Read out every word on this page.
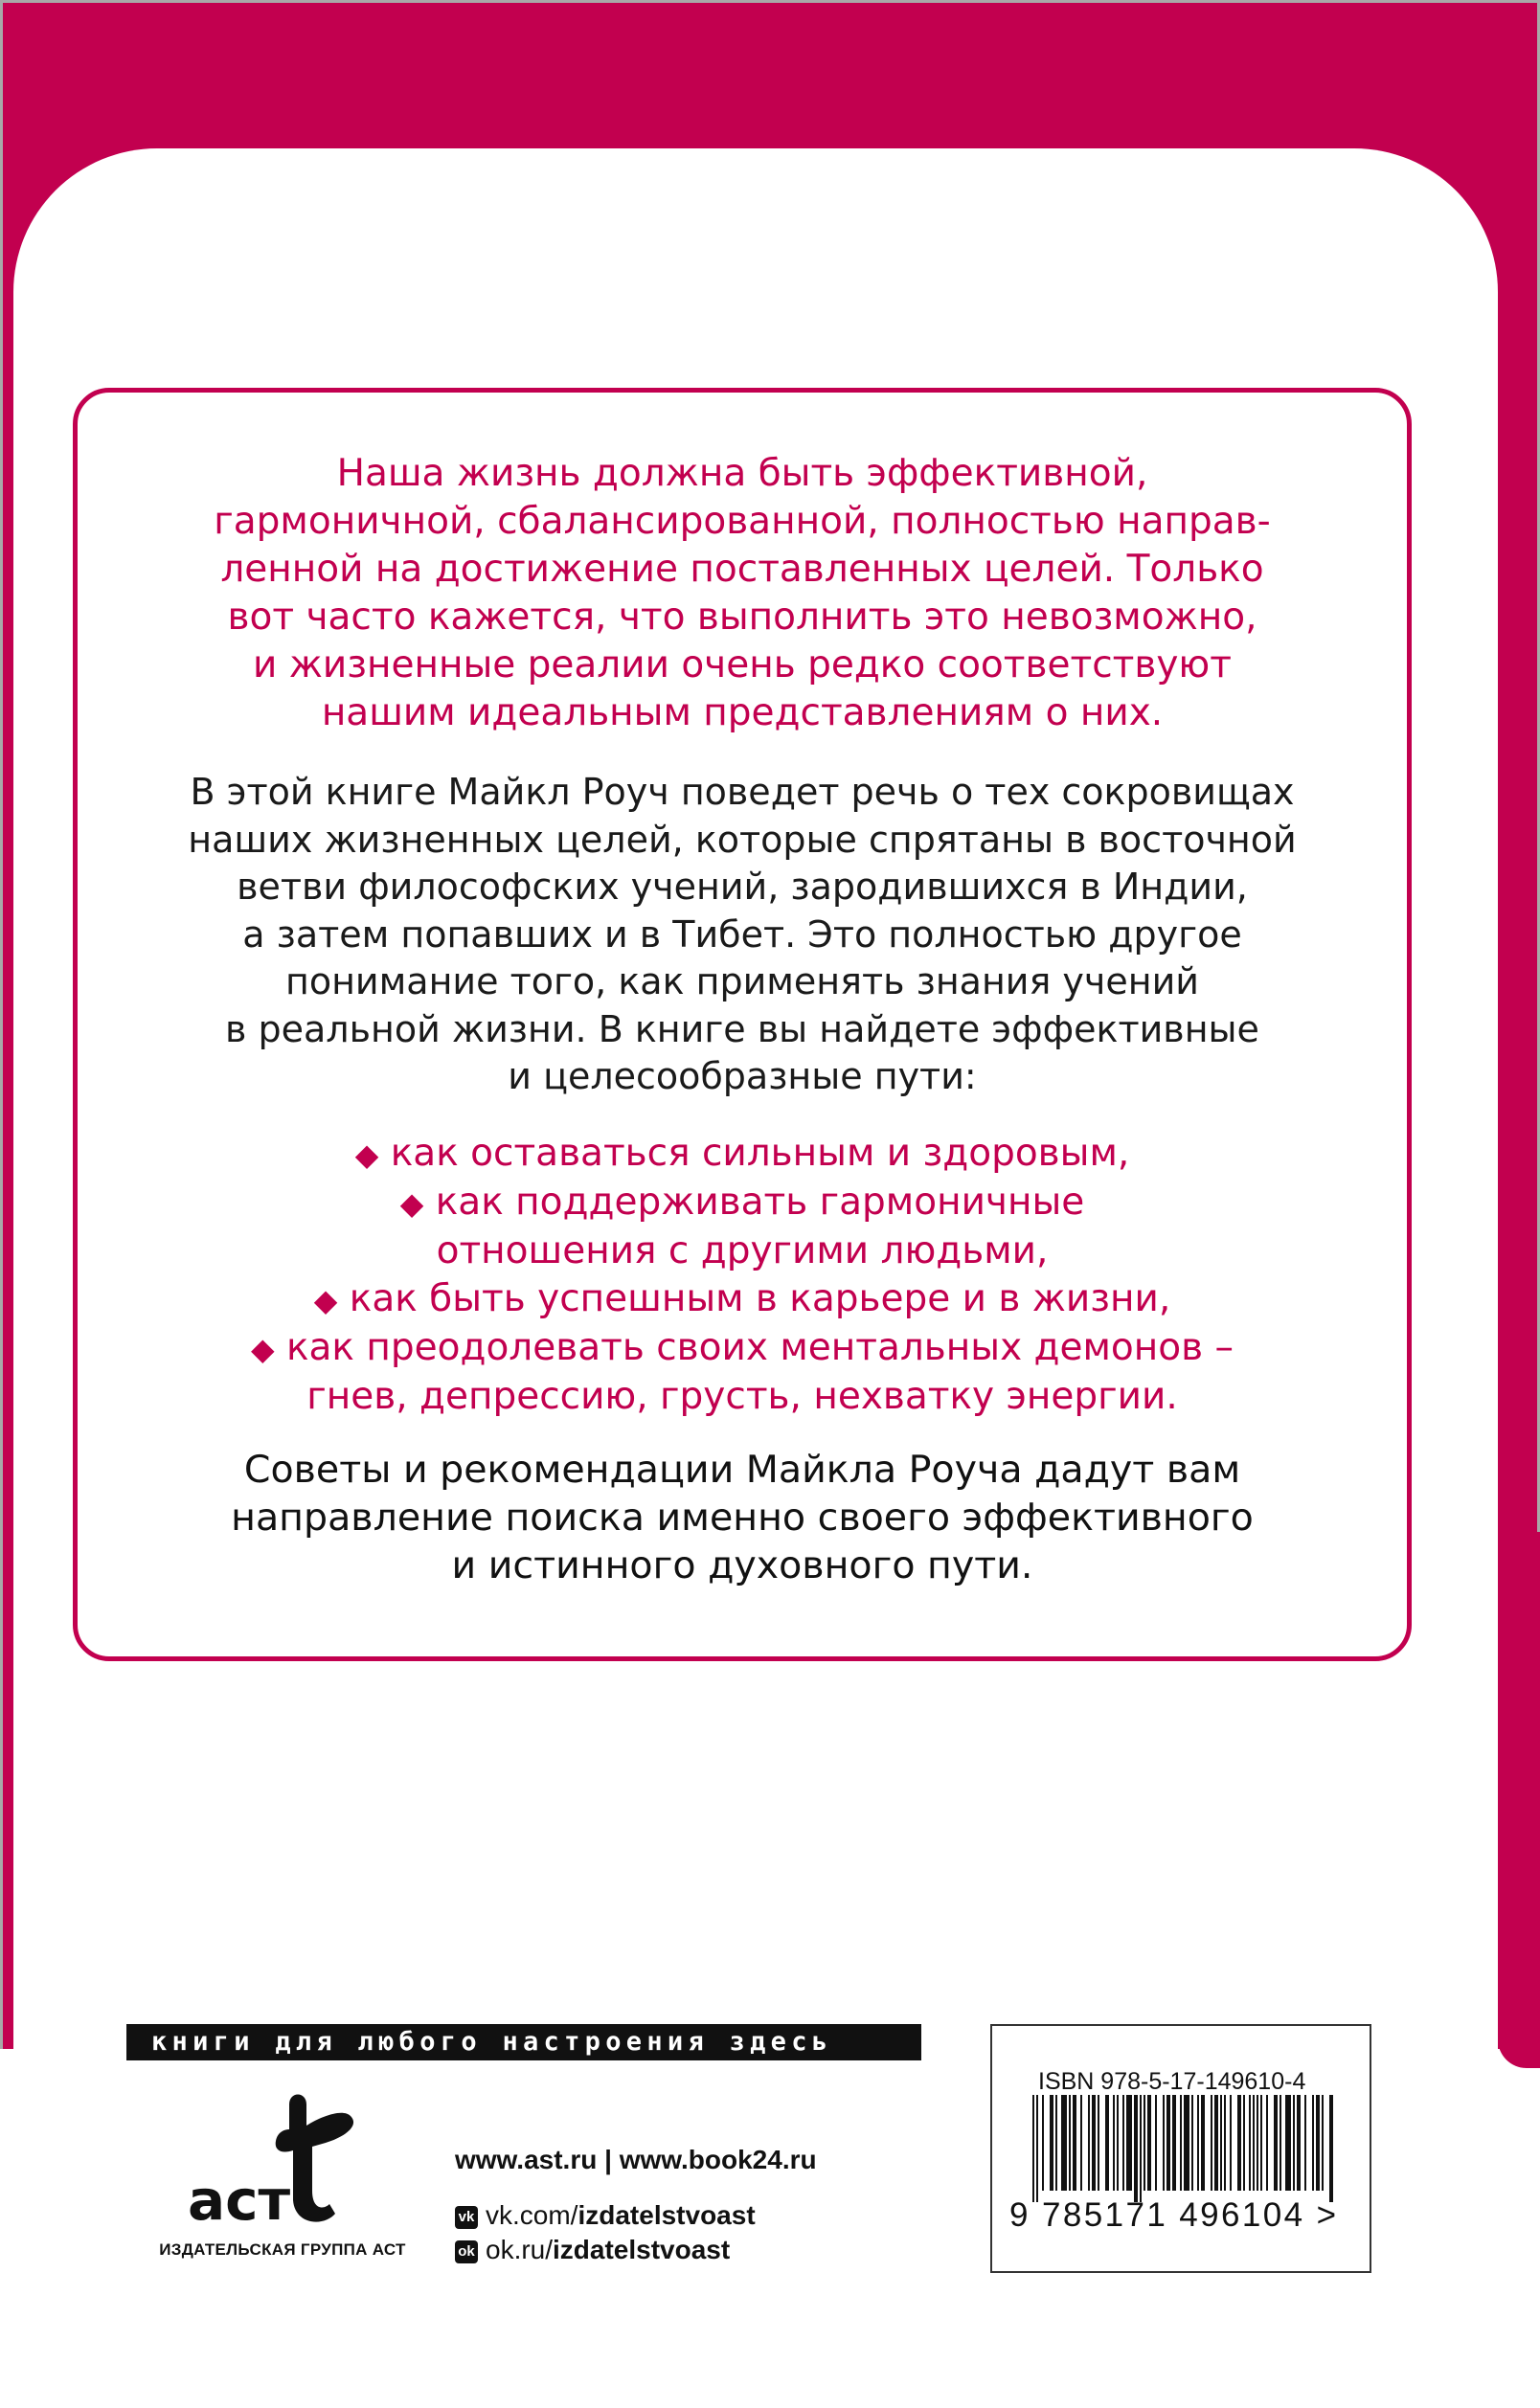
Наша жизнь должна быть эффективной,
гармоничной, сбалансированной, полностью направ-
ленной на достижение поставленных целей. Только
вот часто кажется, что выполнить это невозможно,
и жизненные реалии очень редко соответствуют
нашим идеальным представлениям о них.
В этой книге Майкл Роуч поведет речь о тех сокровищах
наших жизненных целей, которые спрятаны в восточной
ветви философских учений, зародившихся в Индии,
а затем попавших и в Тибет. Это полностью другое
понимание того, как применять знания учений
в реальной жизни. В книге вы найдете эффективные
и целесообразные пути:
◆ как оставаться сильным и здоровым,
◆ как поддерживать гармоничные
отношения с другими людьми,
◆ как быть успешным в карьере и в жизни,
◆ как преодолевать своих ментальных демонов –
гнев, депрессию, грусть, нехватку энергии.
Советы и рекомендации Майкла Роуча дадут вам
направление поиска именно своего эффективного
и истинного духовного пути.
книги для любого настроения здесь
аст
ИЗДАТЕЛЬСКАЯ ГРУППА АСТ
www.ast.ru | www.book24.ru
vk vk.com/izdatelstvoast
ok ok.ru/izdatelstvoast
ISBN 978-5-17-149610-4
9 785171 496104 >
